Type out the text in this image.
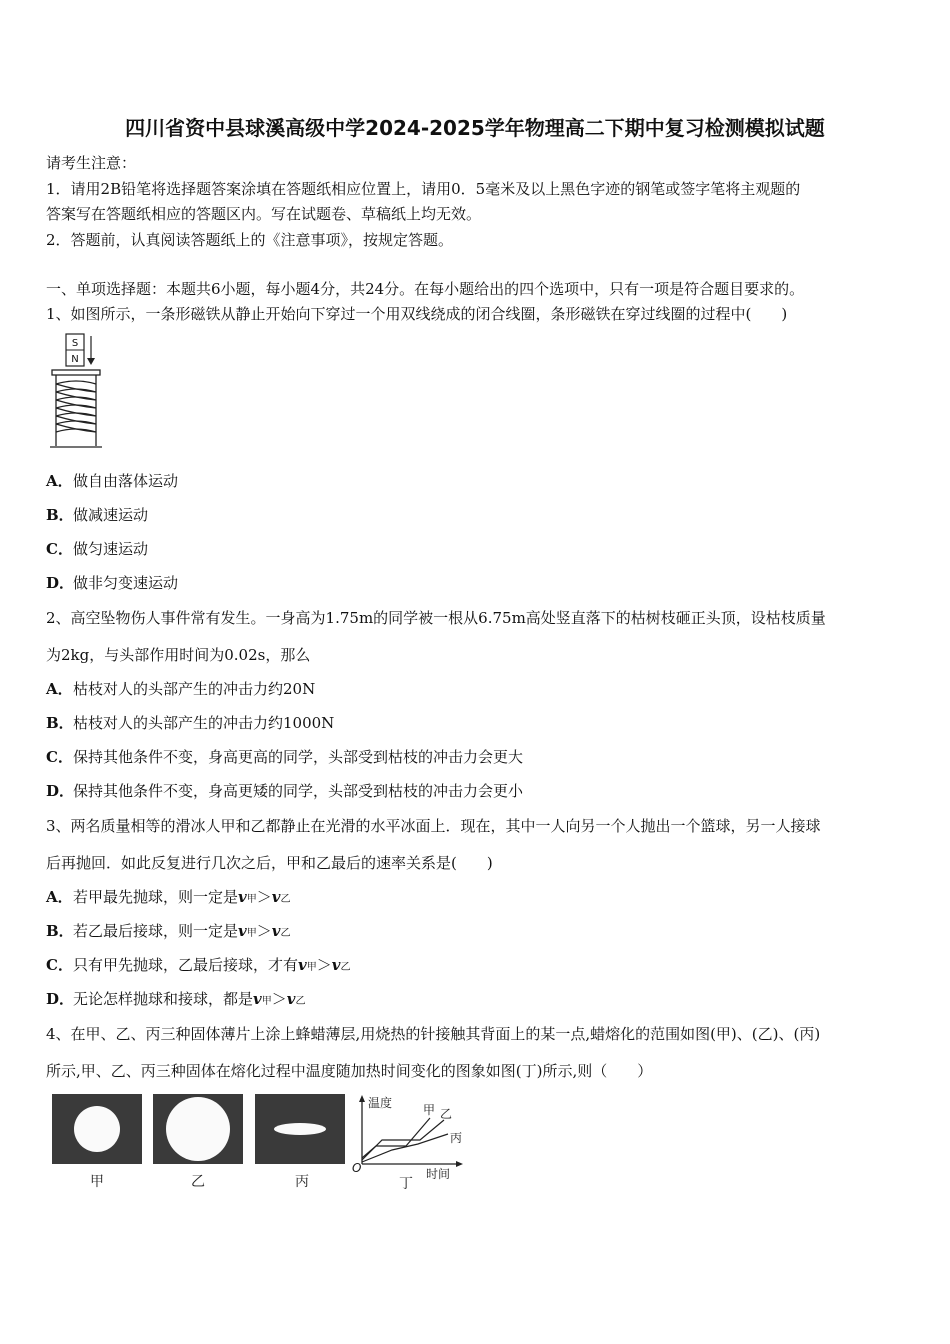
四川省资中县球溪高级中学2024-2025学年物理高二下期中复习检测模拟试题
请考生注意：
1．请用2B铅笔将选择题答案涂填在答题纸相应位置上，请用0．5毫米及以上黑色字迹的钢笔或签字笔将主观题的
答案写在答题纸相应的答题区内。写在试题卷、草稿纸上均无效。
2．答题前，认真阅读答题纸上的《注意事项》，按规定答题。
一、单项选择题：本题共6小题，每小题4分，共24分。在每小题给出的四个选项中，只有一项是符合题目要求的。
1、如图所示，一条形磁铁从静止开始向下穿过一个用双线绕成的闭合线圈，条形磁铁在穿过线圈的过程中(　　)
S
N
A．做自由落体运动
B．做减速运动
C．做匀速运动
D．做非匀变速运动
2、高空坠物伤人事件常有发生。一身高为1.75m的同学被一根从6.75m高处竖直落下的枯树枝砸正头顶，设枯枝质量
为2kg，与头部作用时间为0.02s，那么
A．枯枝对人的头部产生的冲击力约20N
B．枯枝对人的头部产生的冲击力约1000N
C．保持其他条件不变，身高更高的同学，头部受到枯枝的冲击力会更大
D．保持其他条件不变，身高更矮的同学，头部受到枯枝的冲击力会更小
3、两名质量相等的滑冰人甲和乙都静止在光滑的水平冰面上．现在，其中一人向另一个人抛出一个篮球，另一人接球
后再抛回．如此反复进行几次之后，甲和乙最后的速率关系是(　　)
A．若甲最先抛球，则一定是v甲＞v乙
B．若乙最后接球，则一定是v甲＞v乙
C．只有甲先抛球，乙最后接球，才有v甲＞v乙
D．无论怎样抛球和接球，都是v甲＞v乙
4、在甲、乙、丙三种固体薄片上涂上蜂蜡薄层,用烧热的针接触其背面上的某一点,蜡熔化的范围如图(甲)、(乙)、(丙)
所示,甲、乙、丙三种固体在熔化过程中温度随加热时间变化的图象如图(丁)所示,则（　　）
甲	乙	丙	丁
温度
时间
O
甲 乙
丙
